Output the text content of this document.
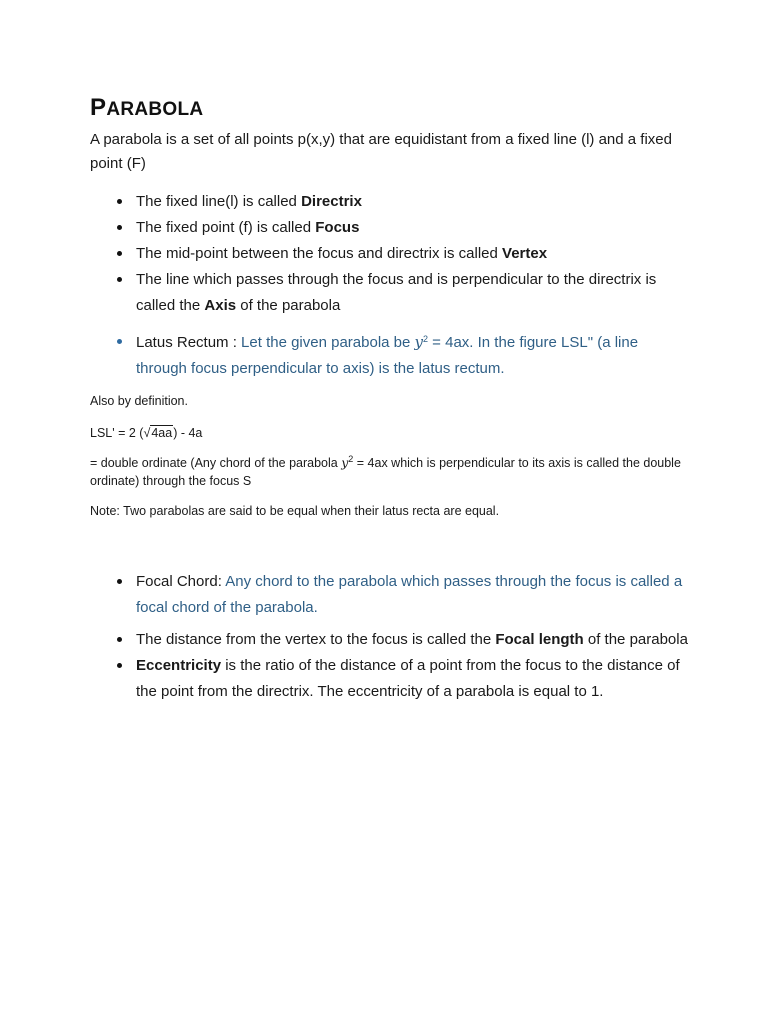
PARABOLA

A parabola is a set of all points p(x,y) that are equidistant from a fixed line (l) and a fixed point (F)

The fixed line(l) is called Directrix
The fixed point (f) is called Focus
The mid-point between the focus and directrix is called Vertex
The line which passes through the focus and is perpendicular to the directrix is called the Axis of the parabola
Latus Rectum : Let the given parabola be $y^2 = 4ax$. In the figure LSL" (a line through focus perpendicular to axis) is the latus rectum.

Also by definition.

LSL' = 2 (√4aa) - 4a

= double ordinate (Any chord of the parabola $y^2 = 4ax$ which is perpendicular to its axis is called the double ordinate) through the focus S

Note: Two parabolas are said to be equal when their latus recta are equal.

Focal Chord: Any chord to the parabola which passes through the focus is called a focal chord of the parabola.
The distance from the vertex to the focus is called the Focal length of the parabola
Eccentricity is the ratio of the distance of a point from the focus to the distance of the point from the directrix. The eccentricity of a parabola is equal to 1.
